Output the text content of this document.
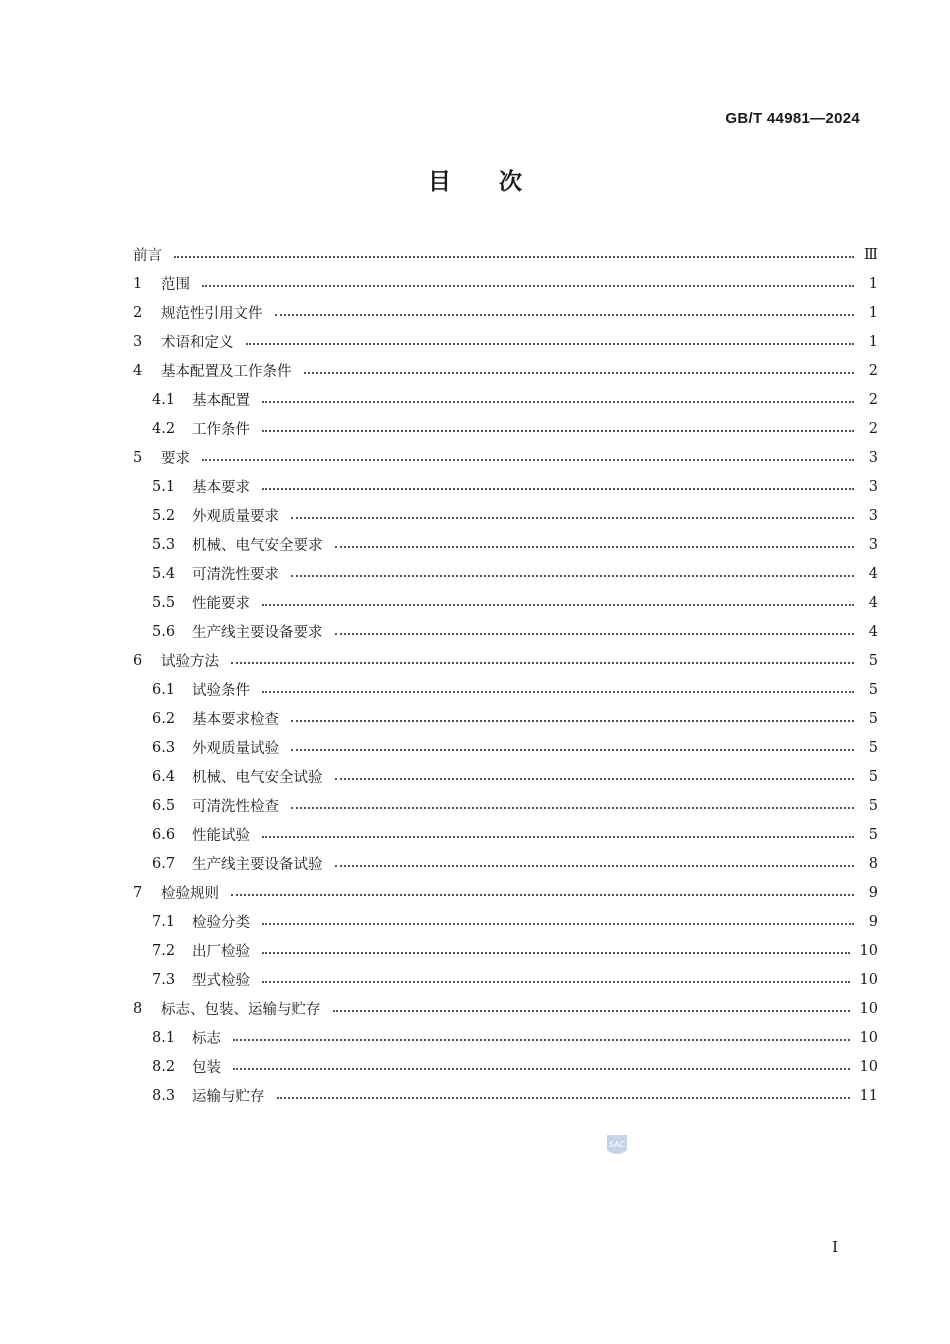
GB/T 44981—2024
目次
前言	Ⅲ
1	范围	1
2	规范性引用文件	1
3	术语和定义	1
4	基本配置及工作条件	2
4.1	基本配置	2
4.2	工作条件	2
5	要求	3
5.1	基本要求	3
5.2	外观质量要求	3
5.3	机械、电气安全要求	3
5.4	可清洗性要求	4
5.5	性能要求	4
5.6	生产线主要设备要求	4
6	试验方法	5
6.1	试验条件	5
6.2	基本要求检查	5
6.3	外观质量试验	5
6.4	机械、电气安全试验	5
6.5	可清洗性检查	5
6.6	性能试验	5
6.7	生产线主要设备试验	8
7	检验规则	9
7.1	检验分类	9
7.2	出厂检验	10
7.3	型式检验	10
8	标志、包装、运输与贮存	10
8.1	标志	10
8.2	包装	10
8.3	运输与贮存	11
SAC
I
